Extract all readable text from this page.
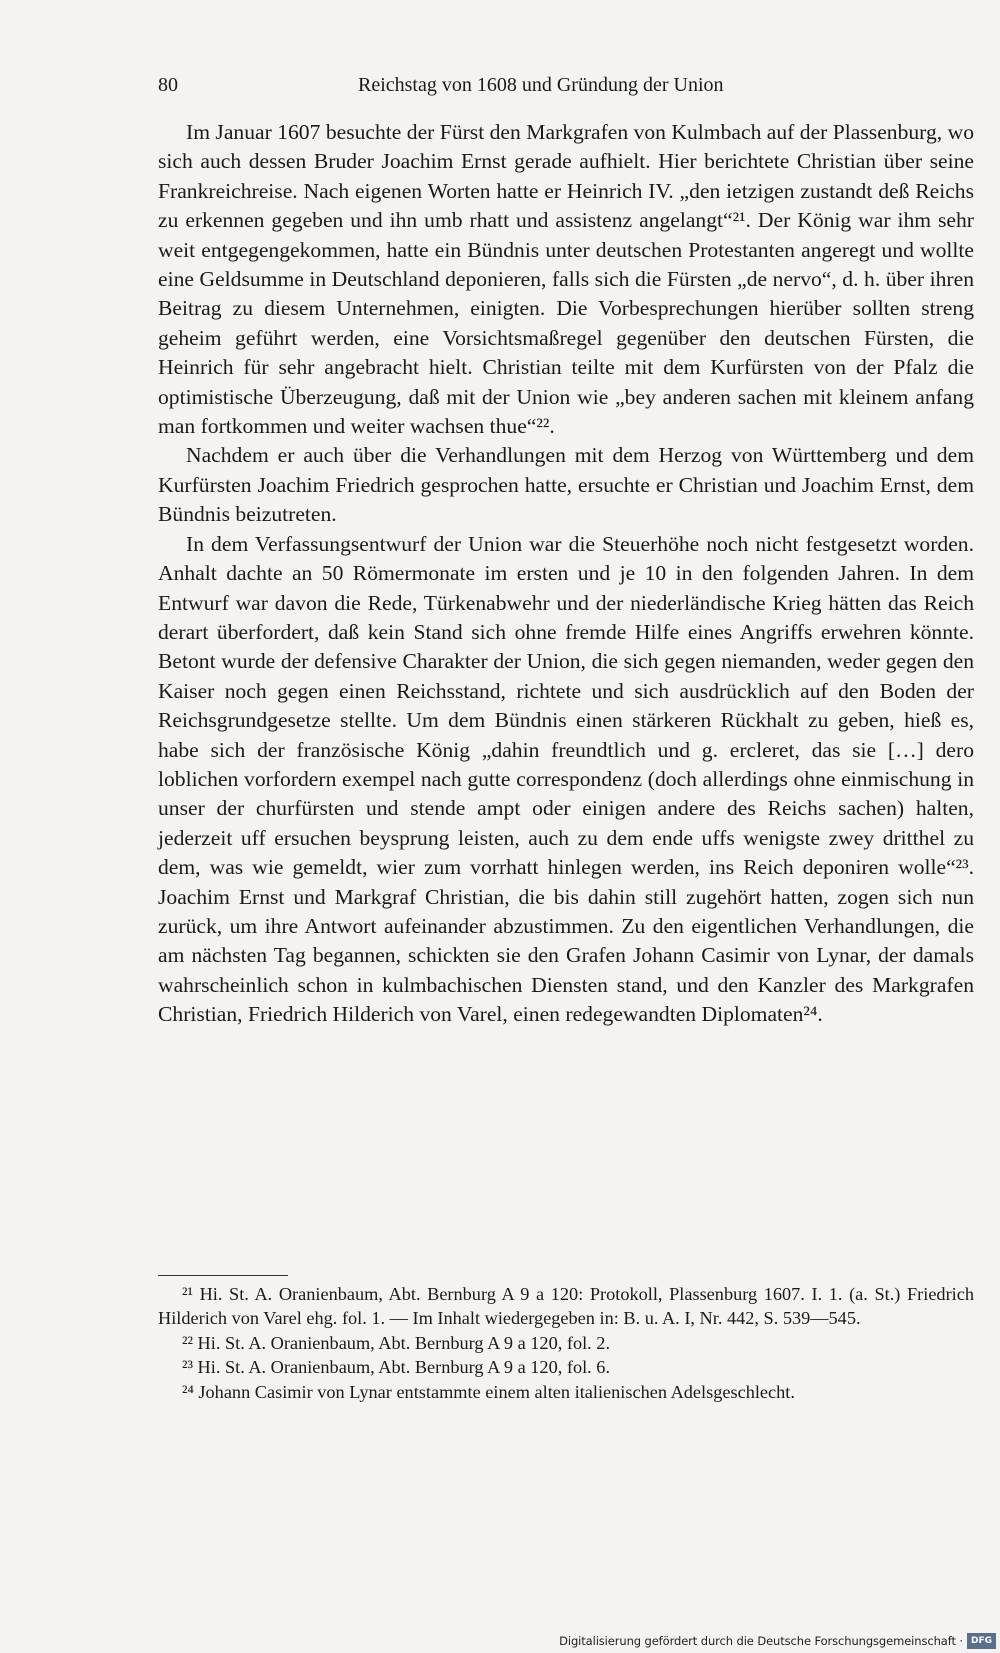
80	Reichstag von 1608 und Gründung der Union

Im Januar 1607 besuchte der Fürst den Markgrafen von Kulmbach auf der Plassenburg, wo sich auch dessen Bruder Joachim Ernst gerade aufhielt. Hier berichtete Christian über seine Frankreichreise. Nach eigenen Worten hatte er Heinrich IV. „den ietzigen zustandt deß Reichs zu erkennen gegeben und ihn umb rhatt und assistenz angelangt“²¹. Der König war ihm sehr weit entgegengekommen, hatte ein Bündnis unter deutschen Protestanten angeregt und wollte eine Geldsumme in Deutschland deponieren, falls sich die Fürsten „de nervo“, d. h. über ihren Beitrag zu diesem Unternehmen, einigten. Die Vorbesprechungen hierüber sollten streng geheim geführt werden, eine Vorsichtsmaßregel gegenüber den deutschen Fürsten, die Heinrich für sehr angebracht hielt. Christian teilte mit dem Kurfürsten von der Pfalz die optimistische Überzeugung, daß mit der Union wie „bey anderen sachen mit kleinem anfang man fortkommen und weiter wachsen thue“²².

Nachdem er auch über die Verhandlungen mit dem Herzog von Württemberg und dem Kurfürsten Joachim Friedrich gesprochen hatte, ersuchte er Christian und Joachim Ernst, dem Bündnis beizutreten.

In dem Verfassungsentwurf der Union war die Steuerhöhe noch nicht festgesetzt worden. Anhalt dachte an 50 Römermonate im ersten und je 10 in den folgenden Jahren. In dem Entwurf war davon die Rede, Türkenabwehr und der niederländische Krieg hätten das Reich derart überfordert, daß kein Stand sich ohne fremde Hilfe eines Angriffs erwehren könnte. Betont wurde der defensive Charakter der Union, die sich gegen niemanden, weder gegen den Kaiser noch gegen einen Reichsstand, richtete und sich ausdrücklich auf den Boden der Reichsgrundgesetze stellte. Um dem Bündnis einen stärkeren Rückhalt zu geben, hieß es, habe sich der französische König „dahin freundtlich und g. ercleret, das sie […] dero loblichen vorfordern exempel nach gutte correspondenz (doch allerdings ohne einmischung in unser der churfürsten und stende ampt oder einigen andere des Reichs sachen) halten, jederzeit uff ersuchen beysprung leisten, auch zu dem ende uffs wenigste zwey dritthel zu dem, was wie gemeldt, wier zum vorrhatt hinlegen werden, ins Reich deponiren wolle“²³. Joachim Ernst und Markgraf Christian, die bis dahin still zugehört hatten, zogen sich nun zurück, um ihre Antwort aufeinander abzustimmen. Zu den eigentlichen Verhandlungen, die am nächsten Tag begannen, schickten sie den Grafen Johann Casimir von Lynar, der damals wahrscheinlich schon in kulmbachischen Diensten stand, und den Kanzler des Markgrafen Christian, Friedrich Hilderich von Varel, einen redegewandten Diplomaten²⁴.

²¹ Hi. St. A. Oranienbaum, Abt. Bernburg A 9 a 120: Protokoll, Plassenburg 1607. I. 1. (a. St.) Friedrich Hilderich von Varel ehg. fol. 1. — Im Inhalt wiedergegeben in: B. u. A. I, Nr. 442, S. 539—545.

²² Hi. St. A. Oranienbaum, Abt. Bernburg A 9 a 120, fol. 2.

²³ Hi. St. A. Oranienbaum, Abt. Bernburg A 9 a 120, fol. 6.

²⁴ Johann Casimir von Lynar entstammte einem alten italienischen Adelsgeschlecht.

Digitalisierung gefördert durch die Deutsche Forschungsgemeinschaft · DFG
